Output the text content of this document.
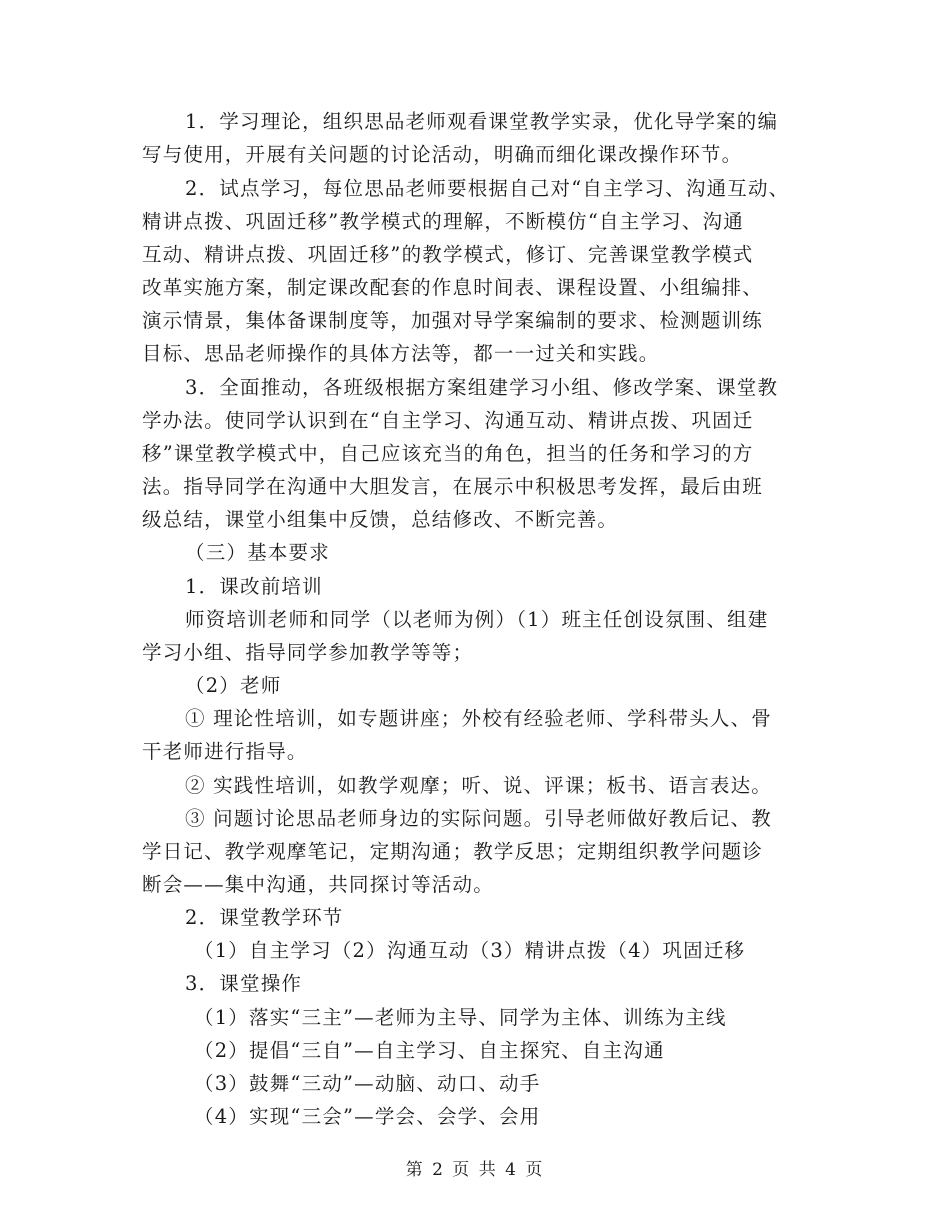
1．学习理论，组织思品老师观看课堂教学实录，优化导学案的编
写与使用，开展有关问题的讨论活动，明确而细化课改操作环节。
2．试点学习，每位思品老师要根据自己对“自主学习、沟通互动、
精讲点拨、巩固迁移”教学模式的理解，不断模仿“自主学习、沟通
互动、精讲点拨、巩固迁移”的教学模式，修订、完善课堂教学模式
改革实施方案，制定课改配套的作息时间表、课程设置、小组编排、
演示情景，集体备课制度等，加强对导学案编制的要求、检测题训练
目标、思品老师操作的具体方法等，都一一过关和实践。
3．全面推动，各班级根据方案组建学习小组、修改学案、课堂教
学办法。使同学认识到在“自主学习、沟通互动、精讲点拨、巩固迁
移”课堂教学模式中，自己应该充当的角色，担当的任务和学习的方
法。指导同学在沟通中大胆发言，在展示中积极思考发挥，最后由班
级总结，课堂小组集中反馈，总结修改、不断完善。
（三）基本要求
1．课改前培训
师资培训老师和同学（以老师为例）（1）班主任创设氛围、组建
学习小组、指导同学参加教学等等；
（2）老师
① 理论性培训，如专题讲座；外校有经验老师、学科带头人、骨
干老师进行指导。
② 实践性培训，如教学观摩；听、说、评课；板书、语言表达。
③ 问题讨论思品老师身边的实际问题。引导老师做好教后记、教
学日记、教学观摩笔记，定期沟通；教学反思；定期组织教学问题诊
断会——集中沟通，共同探讨等活动。
2．课堂教学环节
（1）自主学习（2）沟通互动（3）精讲点拨（4）巩固迁移
3．课堂操作
（1）落实“三主”—老师为主导、同学为主体、训练为主线
（2）提倡“三自”—自主学习、自主探究、自主沟通
（3）鼓舞“三动”—动脑、动口、动手
（4）实现“三会”—学会、会学、会用
第 2 页 共 4 页
